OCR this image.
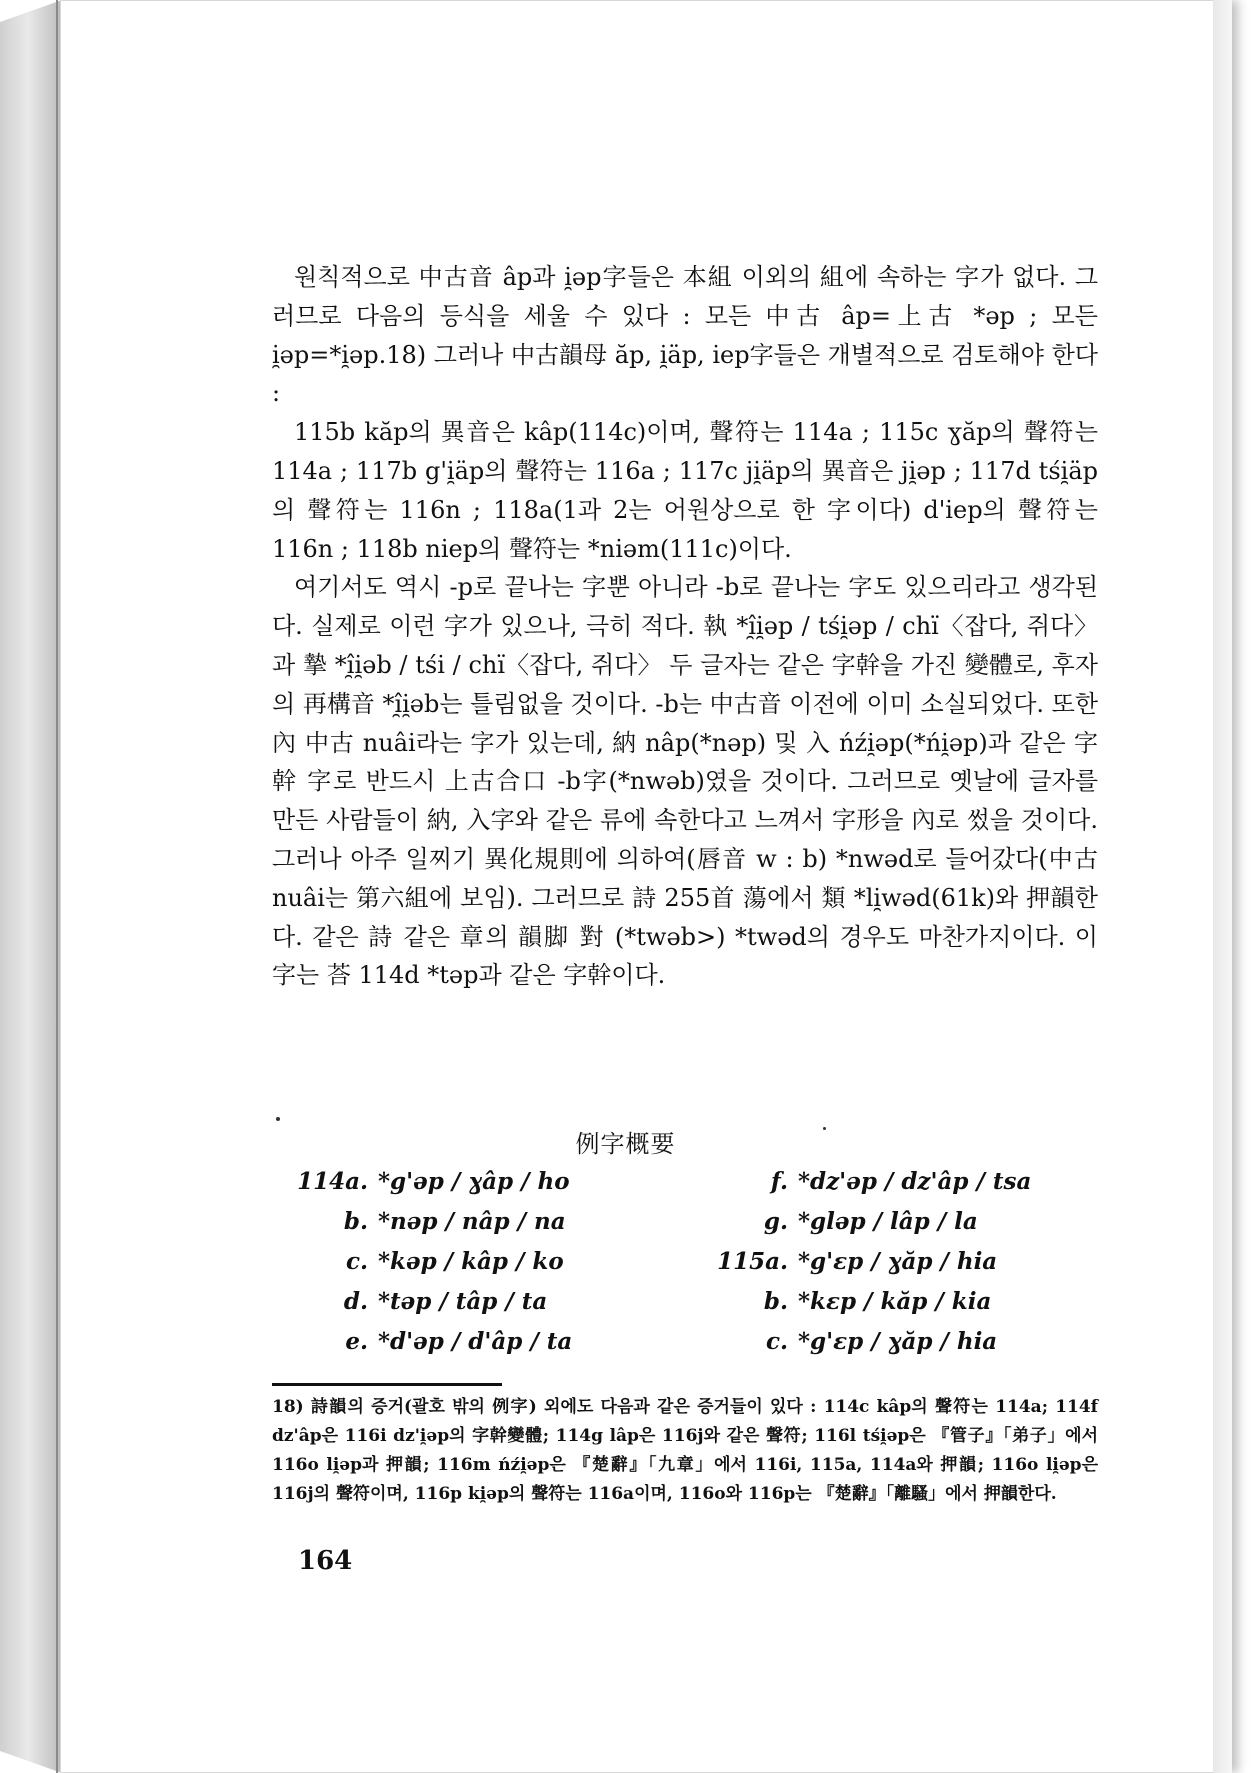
원칙적으로 中古音 âp과 i̯əp字들은 本組 이외의 組에 속하는 字가 없다. 그러므로 다음의 등식을 세울 수 있다 : 모든 中古 âp=上古 *əp ; 모든 i̯əp=*i̯əp.18) 그러나 中古韻母 ăp, i̯äp, iep字들은 개별적으로 검토해야 한다 :

115b kăp의 異音은 kâp(114c)이며, 聲符는 114a ; 115c ɣăp의 聲符는 114a ; 117b g'i̯äp의 聲符는 116a ; 117c ji̯äp의 異音은 ji̯əp ; 117d tśi̯äp의 聲符는 116n ; 118a(1과 2는 어원상으로 한 字이다) d'iep의 聲符는 116n ; 118b niep의 聲符는 *niəm(111c)이다.

여기서도 역시 -p로 끝나는 字뿐 아니라 -b로 끝나는 字도 있으리라고 생각된다. 실제로 이런 字가 있으나, 극히 적다. 執 *î̯i̯əp / tśi̯əp / chï〈잡다, 쥐다〉과 摯 *î̯i̯əb / tśi / chï〈잡다, 쥐다〉 두 글자는 같은 字幹을 가진 變體로, 후자의 再構音 *î̯i̯əb는 틀림없을 것이다. -b는 中古音 이전에 이미 소실되었다. 또한 內 中古 nuâi라는 字가 있는데, 納 nâp(*nəp) 및 入 ńźi̯əp(*ńi̯əp)과 같은 字幹 字로 반드시 上古合口 -b字(*nwəb)였을 것이다. 그러므로 옛날에 글자를 만든 사람들이 納, 入字와 같은 류에 속한다고 느껴서 字形을 內로 썼을 것이다. 그러나 아주 일찌기 異化規則에 의하여(唇音 w : b) *nwəd로 들어갔다(中古 nuâi는 第六組에 보임). 그러므로 詩 255首 蕩에서 類 *li̯wəd(61k)와 押韻한다. 같은 詩 같은 章의 韻脚 對 (*twəb>) *twəd의 경우도 마찬가지이다. 이 字는 荅 114d *təp과 같은 字幹이다.

例字概要
114a. *g'əp / ɣâp / ho
b. *nəp / nâp / na
c. *kəp / kâp / ko
d. *təp / tâp / ta
e. *d'əp / d'âp / ta
f. *dz'əp / dz'âp / tsa
g. *gləp / lâp / la
115a. *g'ɛp / ɣăp / hia
b. *kɛp / kăp / kia
c. *g'ɛp / ɣăp / hia
18) 詩韻의 증거(괄호 밖의 例字) 외에도 다음과 같은 증거들이 있다 : 114c kâp의 聲符는 114a; 114f dz'âp은 116i dz'i̯əp의 字幹變體; 114g lâp은 116j와 같은 聲符; 116l tśi̯əp은 『管子』「弟子」에서 116o li̯əp과 押韻; 116m ńźi̯əp은 『楚辭』「九章」에서 116i, 115a, 114a와 押韻; 116o li̯əp은 116j의 聲符이며, 116p ki̯əp의 聲符는 116a이며, 116o와 116p는 『楚辭』「離騷」에서 押韻한다.
164
